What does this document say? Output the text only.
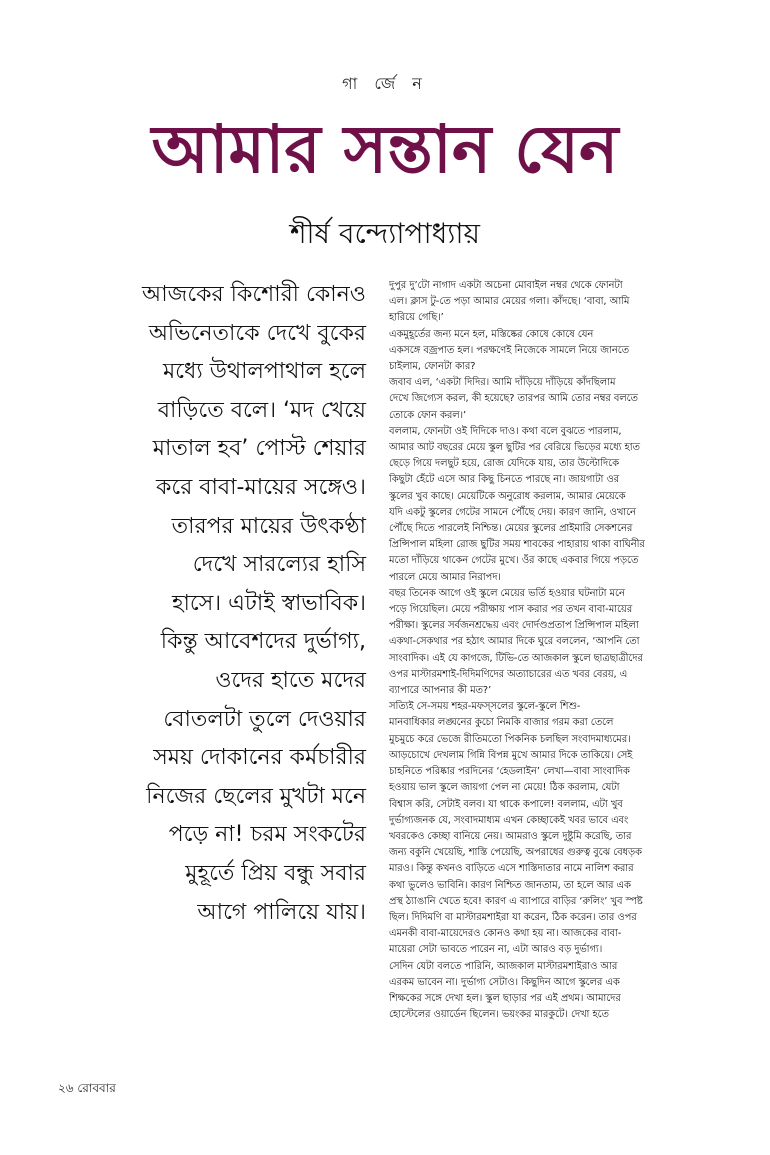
গা র্জে ন
আমার সন্তান যেন
শীর্ষ বন্দ্যোপাধ্যায়
আজকের কিশোরী কোনও
অভিনেতাকে দেখে বুকের
মধ্যে উথালপাথাল হলে
বাড়িতে বলে। ‘মদ খেয়ে
মাতাল হব’ পোস্ট শেয়ার
করে বাবা-মায়ের সঙ্গেও।
তারপর মায়ের উৎকণ্ঠা
দেখে সারল্যের হাসি
হাসে। এটাই স্বাভাবিক।
কিন্তু আবেশদের দুর্ভাগ্য,
ওদের হাতে মদের
বোতলটা তুলে দেওয়ার
সময় দোকানের কর্মচারীর
নিজের ছেলের মুখটা মনে
পড়ে না! চরম সংকটের
মুহূর্তে প্রিয় বন্ধু সবার
আগে পালিয়ে যায়।
দুপুর দু’টো নাগাদ একটা অচেনা মোবাইল নম্বর থেকে ফোনটা
এল। ক্লাস টু-তে পড়া আমার মেয়ের গলা। কাঁদছে। ‘বাবা, আমি
হারিয়ে গেছি।’
একমুহূর্তের জন্য মনে হল, মস্তিষ্কের কোষে কোষে যেন
একসঙ্গে বজ্রপাত হল। পরক্ষণেই নিজেকে সামলে নিয়ে জানতে
চাইলাম, ফোনটা কার?
জবাব এল, ‘একটা দিদির। আমি দাঁড়িয়ে দাঁড়িয়ে কাঁদছিলাম
দেখে জিগ্যেস করল, কী হয়েছে? তারপর আমি তোর নম্বর বলতে
তোকে ফোন করল।’
বললাম, ফোনটা ওই দিদিকে দাও। কথা বলে বুঝতে পারলাম,
আমার আট বছরের মেয়ে স্কুল ছুটির পর বেরিয়ে ভিড়ের মধ্যে হাত
ছেড়ে গিয়ে দলছুট হয়ে, রোজ যেদিকে যায়, তার উল্টোদিকে
কিছুটা হেঁটে এসে আর কিছু চিনতে পারছে না। জায়গাটা ওর
স্কুলের খুব কাছে। মেয়েটিকে অনুরোধ করলাম, আমার মেয়েকে
যদি একটু স্কুলের গেটের সামনে পৌঁছে দেয়। কারণ জানি, ওখানে
পৌঁছে দিতে পারলেই নিশ্চিন্ত। মেয়ের স্কুলের প্রাইমারি সেকশনের
প্রিন্সিপাল মহিলা রোজ ছুটির সময় শাবকের পাহারায় থাকা বাঘিনীর
মতো দাঁড়িয়ে থাকেন গেটের মুখে। ওঁর কাছে একবার গিয়ে পড়তে
পারলে মেয়ে আমার নিরাপদ।
বছর তিনেক আগে ওই স্কুলে মেয়ের ভর্তি হওয়ার ঘটনাটা মনে
পড়ে গিয়েছিল। মেয়ে পরীক্ষায় পাস করার পর তখন বাবা-মায়ের
পরীক্ষা। স্কুলের সর্বজনশ্রদ্ধেয় এবং দোর্দণ্ডপ্রতাপ প্রিন্সিপাল মহিলা
একথা-সেকথার পর হঠাৎ আমার দিকে ঘুরে বললেন, ‘আপনি তো
সাংবাদিক। এই যে কাগজে, টিভি-তে আজকাল স্কুলে ছাত্রছাত্রীদের
ওপর মাস্টারমশাই-দিদিমণিদের অত্যাচারের এত খবর বেরয়, এ
ব্যাপারে আপনার কী মত?’
সত্যিই সে-সময় শহর-মফস্সলের স্কুলে-স্কুলে শিশু-
মানবাধিকার লঙ্ঘনের কুচো নিমকি বাজার গরম করা তেলে
মুচমুচে করে ভেজে রীতিমতো পিকনিক চলছিল সংবাদমাধ্যমের।
আড়চোখে দেখলাম গিন্নি বিপন্ন মুখে আমার দিকে তাকিয়ে। সেই
চাহনিতে পরিষ্কার পরদিনের ‘হেডলাইন’ লেখা—বাবা সাংবাদিক
হওয়ায় ভাল স্কুলে জায়গা পেল না মেয়ে! ঠিক করলাম, যেটা
বিশ্বাস করি, সেটাই বলব। যা থাকে কপালে! বললাম, এটা খুব
দুর্ভাগ্যজনক যে, সংবাদমাধ্যম এখন কেচ্ছাকেই খবর ভাবে এবং
খবরকেও কেচ্ছা বানিয়ে নেয়। আমরাও স্কুলে দুষ্টুমি করেছি, তার
জন্য বকুনি খেয়েছি, শাস্তি পেয়েছি, অপরাধের গুরুত্ব বুঝে বেধড়ক
মারও। কিন্তু কখনও বাড়িতে এসে শাস্তিদাতার নামে নালিশ করার
কথা ভুলেও ভাবিনি। কারণ নিশ্চিত জানতাম, তা হলে আর এক
প্রস্থ ঠ্যাঙানি খেতে হবে! কারণ এ ব্যাপারে বাড়ির ‘রুলিং’ খুব স্পষ্ট
ছিল। দিদিমণি বা মাস্টারমশাইরা যা করেন, ঠিক করেন। তার ওপর
এমনকী বাবা-মায়েদেরও কোনও কথা হয় না। আজকের বাবা-
মায়েরা সেটা ভাবতে পারেন না, এটা আরও বড় দুর্ভাগ্য।
সেদিন যেটা বলতে পারিনি, আজকাল মাস্টারমশাইরাও আর
এরকম ভাবেন না। দুর্ভাগ্য সেটাও। কিছুদিন আগে স্কুলের এক
শিক্ষকের সঙ্গে দেখা হল। স্কুল ছাড়ার পর এই প্রথম। আমাদের
হোস্টেলের ওয়ার্ডেন ছিলেন। ভয়ংকর মারকুটে। দেখা হতে
২৬ রোববার
